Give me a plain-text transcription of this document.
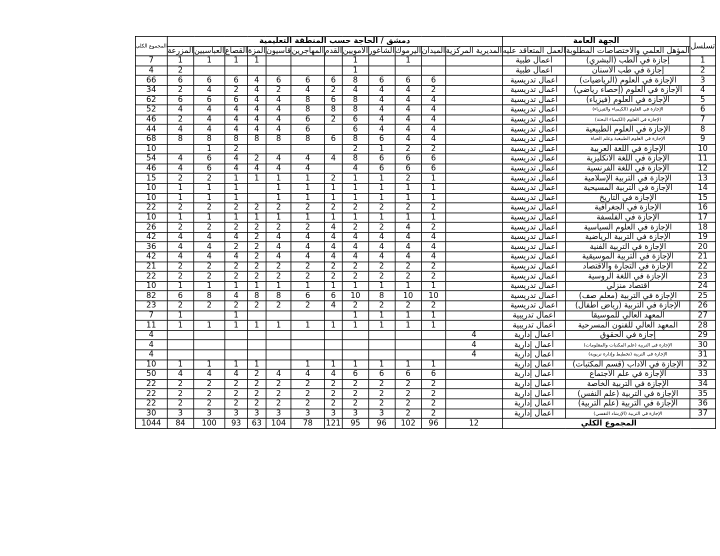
تسلسل	الجهة العامة		دمشق / الحاجة حسب المنطقة التعليمية												المجموع الكلي
	المؤهل العلمي والاختصاصات المطلوبة	العمل المتعاقد عليه	المديرية المركزية	الميدان	اليرموك	الشاغور	الأمويين	القدم	المهاجرين	قاسيون	المزة	القصاع	العباسيين	المزرعة	
1	إجازة في الطب (البشري)	أعمال طبية			1		1				1	1	1	1	7
2	إجازة في طب الأسنان	أعمال طبية					1							2	4
3	الإجازة في العلوم (الرياضيات)	أعمال تدريسية		6	6	6	8	6	6	6	4	6	6	6	66
4	الإجازة في العلوم (إحصاء رياضي)	أعمال تدريسية		2	4	4	4	2	4	2	4	2	4	2	34
5	الإجازة في العلوم (فيزياء)	أعمال تدريسية		4	4	4	8	6	8	4	4	6	6	6	62
6	الإجازة في العلوم (الكيمياء والفيزياء)	أعمال تدريسية		4	4	4	8	8	8	4	4	4	4	4	52
7	الإجازة في العلوم (الكيمياء البحتة)	أعمال تدريسية		4	4	4	6	2	6	4	4	4	4	2	46
8	الإجازة في العلوم الطبيعية	أعمال تدريسية		4	4	4	6		6	4	4	4	4	4	44
9	الإجازة في العلوم الطبيعية وعلم الحياة	أعمال تدريسية		4	4	6	8	6	8	8	8	8	8	8	68
10	الإجازة في اللغة العربية	أعمال تدريسية		2	2	1	2					2	1		10
11	الإجازة في اللغة الانكليزية	أعمال تدريسية		6	6	6	8	4	4	4	2	4	6	4	54
12	الإجازة في اللغة الفرنسية	أعمال تدريسية		6	6	6	4		4	4	4	4	6	4	46
13	الإجازة في التربية الإسلامية	أعمال تدريسية		1	2	1	1	2	1	1	1	1	2	2	15
14	الإجازة في التربية المسيحية	أعمال تدريسية		1	1	1	1	1	1	1		1	1	1	10
15	الإجازة في التاريخ	أعمال تدريسية		1	1	1	1	1	1	1		1	1	1	10
16	الإجازة في الجغرافية	أعمال تدريسية		2	2	2	2	2	2	2	2	2	2	2	22
17	الإجازة في الفلسفة	أعمال تدريسية		1	1	1	1	1	1	1	1	1	1	1	10
18	الإجازة في العلوم السياسية	أعمال تدريسية		2	4	2	2	4	2	2	2	2	2	2	26
19	الإجازة في التربية الرياضية	أعمال تدريسية		4	4	4	4	4	4	4	2	4	4	4	42
20	الإجازة في التربية الفنية	أعمال تدريسية		4	4	4	4	4	4	4	2	2	4	4	36
21	الإجازة في التربية الموسيقية	أعمال تدريسية		4	4	4	4	4	4	4	2	4	4	4	42
22	الإجازة في التجارة والاقتصاد	أعمال تدريسية		2	2	2	2	2	2	2	2	2	2	2	21
23	الإجازة في اللغة الروسية	أعمال تدريسية		2	2	2	2	2	2	2	2	2	2	2	22
24	اقتصاد منزلي	أعمال تدريسية		1	1	1	1	1	1	1	1	1	1	1	10
25	الإجازة في التربية (معلم صف)	أعمال تدريسية		10	10	8	10	6	6	8	8	4	8	6	82
26	الإجازة في التربية (رياض أطفال)	أعمال تدريسية		2	2	2	2	4	2	2	2	2	2	2	23
27	المعهد العالي للموسيقا	أعمال تدريبية		1	1	1	1					1		1	7
28	المعهد العالي للفنون المسرحية	أعمال تدريبية		1	1	1	1	1	1	1	1	1	1	1	11
29	إجازة في الحقوق	أعمال إدارية	4												4
30	الإجازة في التربية (علم المكتبات والمعلومات)	أعمال إدارية	4												4
31	الإجازة في التربية (تخطيط وإدارة تربوية)	أعمال إدارية	4												4
32	الإجازة في الآداب (قسم المكتبات)	أعمال إدارية		1	1	1	1	1	1		1	1	1	1	10
33	الإجازة في علم الاجتماع	أعمال إدارية		6	6	6	6	4	4	4	2	4	4	4	50
34	الإجازة في التربية الخاصة	أعمال إدارية		2	2	2	2	2	2	2	2	2	2	2	22
35	الإجازة في التربية (علم النفس)	أعمال إدارية		2	2	2	2	2	2	2	2	2	2	2	22
36	الإجازة في التربية (علم التربية)	أعمال إدارية		2	2	2	2	2	2	2	2	2	2	2	22
37	الإجازة في التربية (الإرشاد النفسي)	أعمال إدارية		2	2	3	3	3	3	3	3	3	3	3	30
المجموع الكلي			12	96	102	96	95	121	78	104	63	93	100	84	1044
